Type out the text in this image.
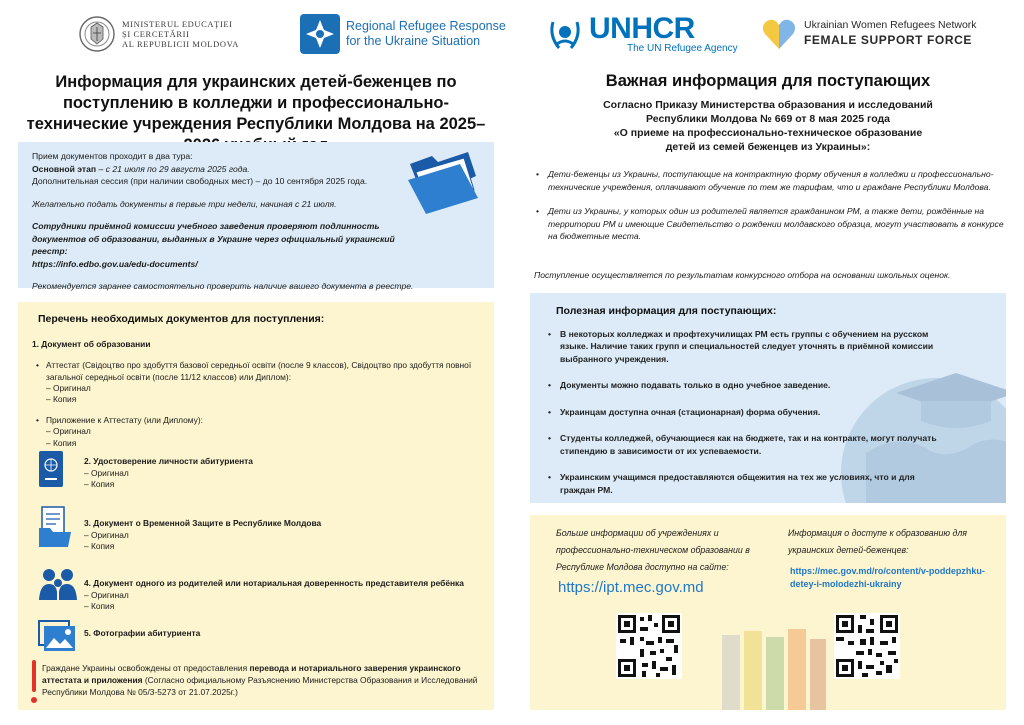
MINISTERUL EDUCAȚIEI
ȘI CERCETĂRII
AL REPUBLICII MOLDOVA
Regional Refugee Response
for the Ukraine Situation	UNHCR
The UN Refugee Agency
Ukrainian Women Refugees Network
FEMALE SUPPORT FORCE
Информация для украинских детей-беженцев по поступлению в колледжи и профессионально-технические учреждения Республики Молдова на 2025–
Важная информация для поступающих
Согласно Приказу Министерства образования и исследований
Республики Молдова № 669 от 8 мая 2025 года
«О приеме на профессионально-техническое образование
детей из семей беженцев из Украины»:

Прием документов проходит в два тура:

Основной этап – с 21 июля по 29 августа 2025 года.

Дополнительная сессия (при наличии свободных мест) – до 10 сентября 2025 года.

Желательно подать документы в первые три недели, начиная с 21 июля.

Сотрудники приёмной комиссии учебного заведения проверяют подлинность документов об образовании, выданных в Украине через официальный украинский реестр:

https://info.edbo.gov.ua/edu-documents/

Рекомендуется заранее самостоятельно проверить наличие вашего документа в реестре.

Перечень необходимых документов для поступления:
1. Документ об образовании
• Аттестат (Свідоцтво про здобуття базової середньої освіти (после 9 классов), Свідоцтво про здобуття повної загальної середньої освіти (после 11/12 классов) или Диплом):
– Оригинал
– Копия
• Приложение к Аттестату (или Диплому):
– Оригинал
– Копия
2. Удостоверение личности абитуриента
– Оригинал
– Копия
3. Документ о Временной Защите в Республике Молдова
– Оригинал
– Копия
4. Документ одного из родителей или нотариальная доверенность представителя ребёнка
– Оригинал
– Копия
5. Фотографии абитуриента
Граждане Украины освобождены от предоставления перевода и нотариального заверения украинского аттестата и приложения (Согласно официальному Разъяснению Министерства Образования и Исследований Республики Молдова № 05/3-5273 от 21.07.2025г.)
• Дети-беженцы из Украины, поступающие на контрактную форму обучения в колледжи и профессионально-технические учреждения, оплачивают обучение по тем же тарифам, что и граждане Республики Молдова.
• Дети из Украины, у которых один из родителей является гражданином РМ, а также дети, рождённые на территории РМ и имеющие Свидетельство о рождении молдавского образца, могут участвовать в конкурсе на бюджетные места.
Поступление осуществляется по результатам конкурсного отбора на основании школьных оценок.
Полезная информация для поступающих:
• В некоторых колледжах и профтехучилищах РМ есть группы с обучением на русском языке. Наличие таких групп и специальностей следует уточнять в приёмной комиссии выбранного учреждения.
• Документы можно подавать только в одно учебное заведение.
• Украинцам доступна очная (стационарная) форма обучения.
• Студенты колледжей, обучающиеся как на бюджете, так и на контракте, могут получать стипендию в зависимости от их успеваемости.
• Украинским учащимся предоставляются общежития на тех же условиях, что и для граждан РМ.
Больше информации об учреждениях и профессионально-техническом образовании в Республике Молдова доступно на сайте:
https://ipt.mec.gov.md
Информация о доступе к образованию для украинских детей-беженцев:
https://mec.gov.md/ro/content/v-poddерzhku-detey-i-molodezhi-ukrainy
